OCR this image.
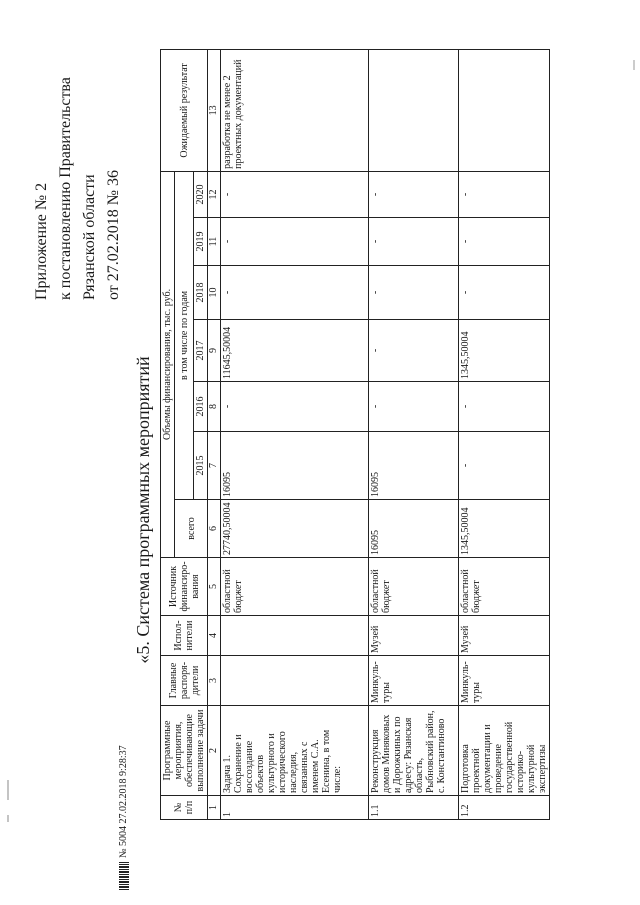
Приложение № 2 к постановлению Правительства Рязанской области от 27.02.2018 № 36
«5. Система программных мероприятий
№ п/п	Программные мероприятия, обеспечивающие выполнение задачи	Главные распоря-дители	Испол-нители	Источник финансиро-вания	Объемы финансирования, тыс. руб.							Ожидаемый результат
					всего	в том числе по годам						
						2015	2016	2017	2018	2019	2020	
1	2	3	4	5	6	7	8	9	10	11	12	13
1	Задача 1. Сохранение и воссоздание объектов культурного и исторического наследия, связанных с именем С.А. Есенина, в том числе:			областной бюджет	27740,50004	16095	-	11645,50004	-	-	-	разработка не менее 2 проектных документаций
1.1	Реконструкция домов Миняковых и Дорожкиных по адресу: Рязанская область, Рыбновский район, с. Константиново	Минкуль-туры	Музей	областной бюджет	16095	16095	-	-	-	-	-	
1.2	Подготовка проектной документации и проведение государственной историко-культурной экспертизы	Минкуль-туры	Музей	областной бюджет	1345,50004	-	-	1345,50004	-	-	-	
№ 5004 27.02.2018 9:28:37
